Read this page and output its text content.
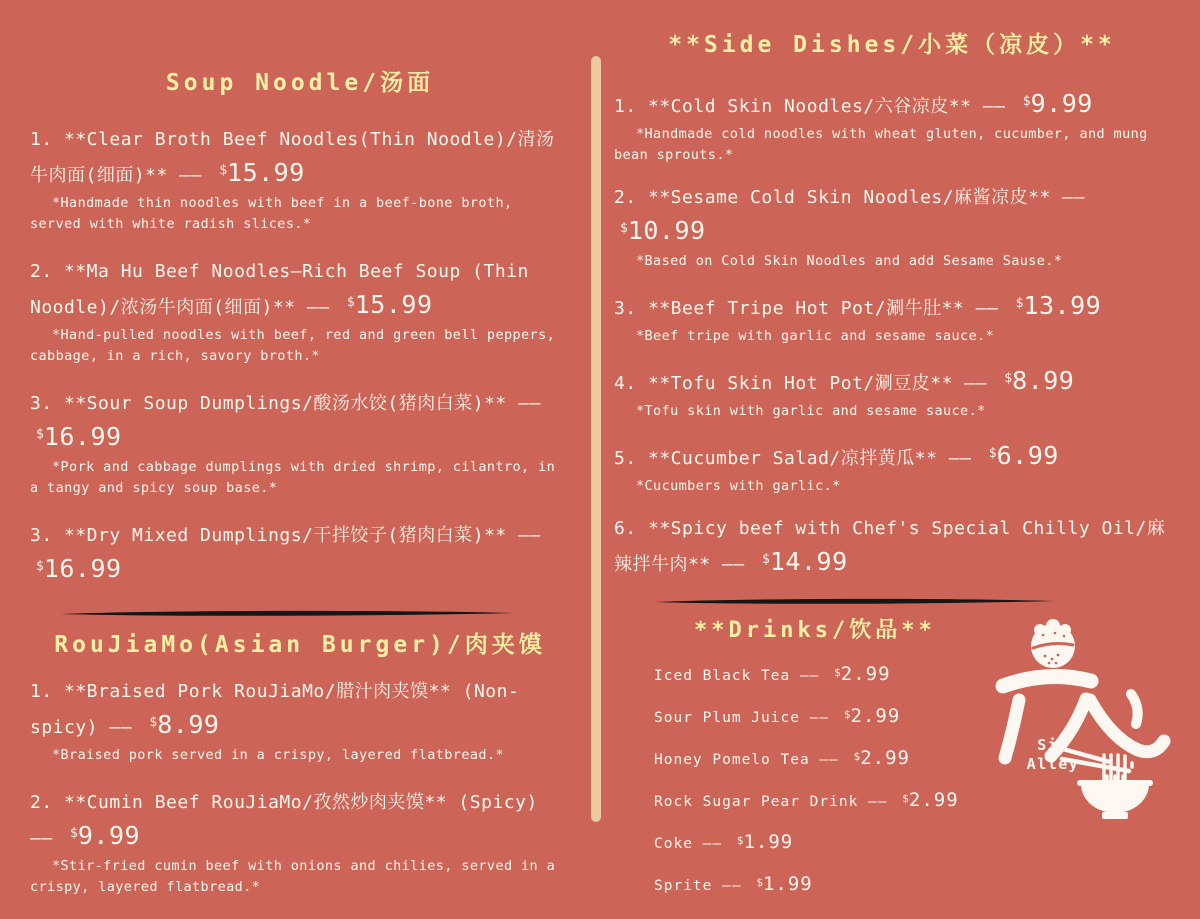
Soup Noodle/汤面
1. **Clear Broth Beef Noodles(Thin Noodle)/清汤牛肉面(细面)** —— $15.99
*Handmade thin noodles with beef in a beef-bone broth, served with white radish slices.*
2. **Ma Hu Beef Noodles—Rich Beef Soup (Thin Noodle)/浓汤牛肉面(细面)** —— $15.99
*Hand-pulled noodles with beef, red and green bell peppers, cabbage, in a rich, savory broth.*
3. **Sour Soup Dumplings/酸汤水饺(猪肉白菜)** —— $16.99
*Pork and cabbage dumplings with dried shrimp, cilantro, in a tangy and spicy soup base.*
3. **Dry Mixed Dumplings/干拌饺子(猪肉白菜)** —— $16.99
RouJiaMo(Asian Burger)/肉夹馍
1. **Braised Pork RouJiaMo/腊汁肉夹馍** (Non-spicy) —— $8.99
*Braised pork served in a crispy, layered flatbread.*
2. **Cumin Beef RouJiaMo/孜然炒肉夹馍** (Spicy) —— $9.99
*Stir-fried cumin beef with onions and chilies, served in a crispy, layered flatbread.*
**Side Dishes/小菜（凉皮）**
1. **Cold Skin Noodles/六谷凉皮** —— $9.99
*Handmade cold noodles with wheat gluten, cucumber, and mung bean sprouts.*
2. **Sesame Cold Skin Noodles/麻酱凉皮** —— $10.99
*Based on Cold Skin Noodles and add Sesame Sause.*
3. **Beef Tripe Hot Pot/涮牛肚** —— $13.99
*Beef tripe with garlic and sesame sauce.*
4. **Tofu Skin Hot Pot/涮豆皮** —— $8.99
*Tofu skin with garlic and sesame sauce.*
5. **Cucumber Salad/凉拌黄瓜** —— $6.99
*Cucumbers with garlic.*
6. **Spicy beef with Chef's Special Chilly Oil/麻辣拌牛肉** —— $14.99
**Drinks/饮品**
Iced Black Tea —— $2.99
Sour Plum Juice —— $2.99
Honey Pomelo Tea —— $2.99
Rock Sugar Pear Drink —— $2.99
Coke —— $1.99
Sprite —— $1.99
Six
Alley
